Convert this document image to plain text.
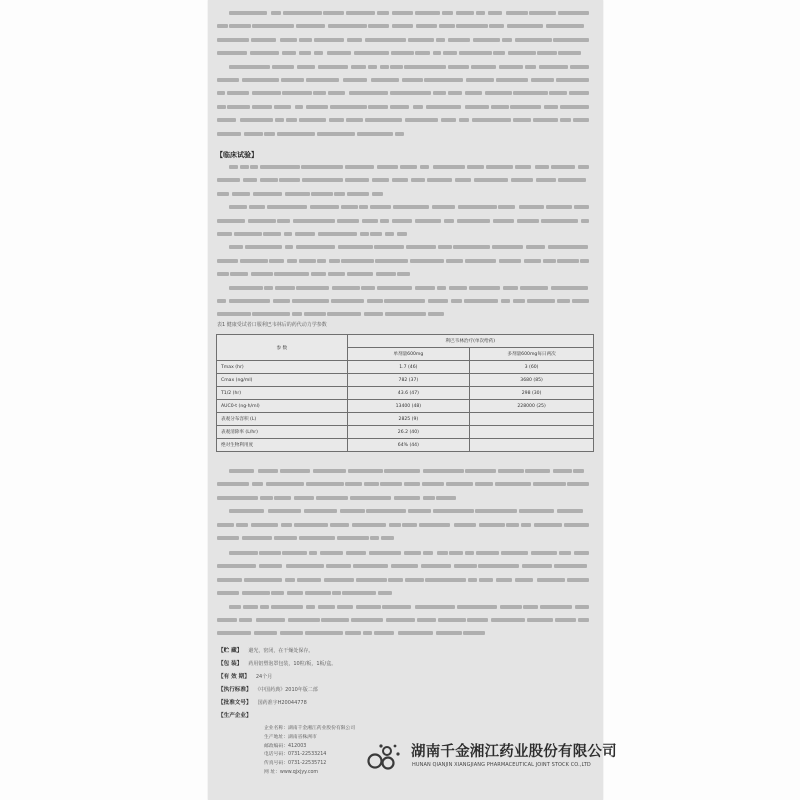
【临床试验】
表1 健康受试者口服利巴韦林后的药代动力学参数
参 数	利巴韦林治疗(单次给药)	
	单剂量600mg	多剂量600mg每日两次
Tmax (hr)	1.7 (46)	3 (60)
Cmax (ng/ml)	782 (37)	3680 (85)
T1/2 (hr)	43.6 (47)	298 (30)
AUC0-t (ng·h/ml)	13400 (48)	228000 (25)
表观分布容积 (L)	2825 (9)	
表观清除率 (L/hr)	26.2 (40)	
绝对生物利用度	64% (44)	
【贮 藏】 避光，密闭，在干燥处保存。
【包 装】 药用铝塑泡罩包装，10粒/板，1板/盒。
【有 效 期】 24个月
【执行标准】 《中国药典》2010年版二部
【批准文号】 国药准字H20044778
【生产企业】
企业名称：湖南千金湘江药业股份有限公司
生产地址：湖南省株洲市
邮政编码：412003
电话号码：0731-22533214
传真号码：0731-22535712
网 址：www.qjxjyy.com
湖南千金湘江药业股份有限公司
HUNAN QIANJIN XIANGJIANG PHARMACEUTICAL JOINT STOCK CO.,LTD
